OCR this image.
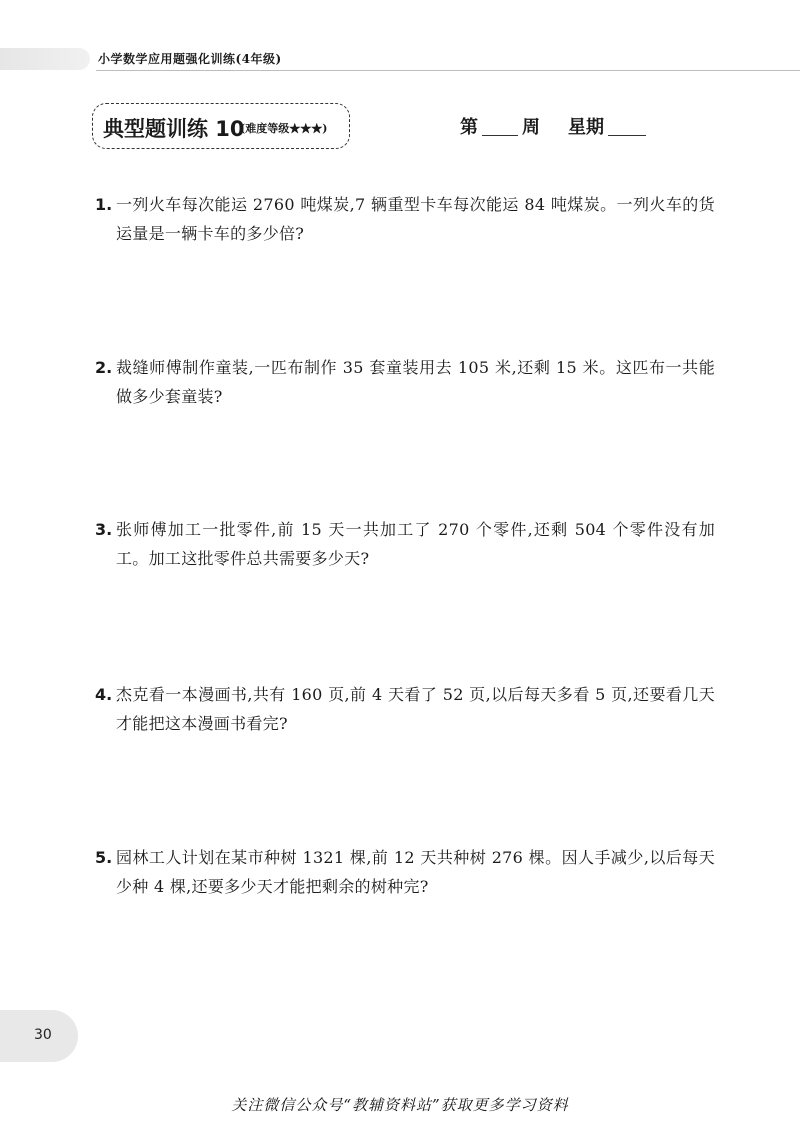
小学数学应用题强化训练(4年级)
典型题训练 10
(难度等级★★★)	第 周 星期
1. 一列火车每次能运 2760 吨煤炭,7 辆重型卡车每次能运 84 吨煤炭。一列火车的货运量是一辆卡车的多少倍?
2. 裁缝师傅制作童装,一匹布制作 35 套童装用去 105 米,还剩 15 米。这匹布一共能做多少套童装?
3. 张师傅加工一批零件,前 15 天一共加工了 270 个零件,还剩 504 个零件没有加工。加工这批零件总共需要多少天?
4. 杰克看一本漫画书,共有 160 页,前 4 天看了 52 页,以后每天多看 5 页,还要看几天才能把这本漫画书看完?
5. 园林工人计划在某市种树 1321 棵,前 12 天共种树 276 棵。因人手减少,以后每天少种 4 棵,还要多少天才能把剩余的树种完?
30
关注微信公众号“教辅资料站”获取更多学习资料
